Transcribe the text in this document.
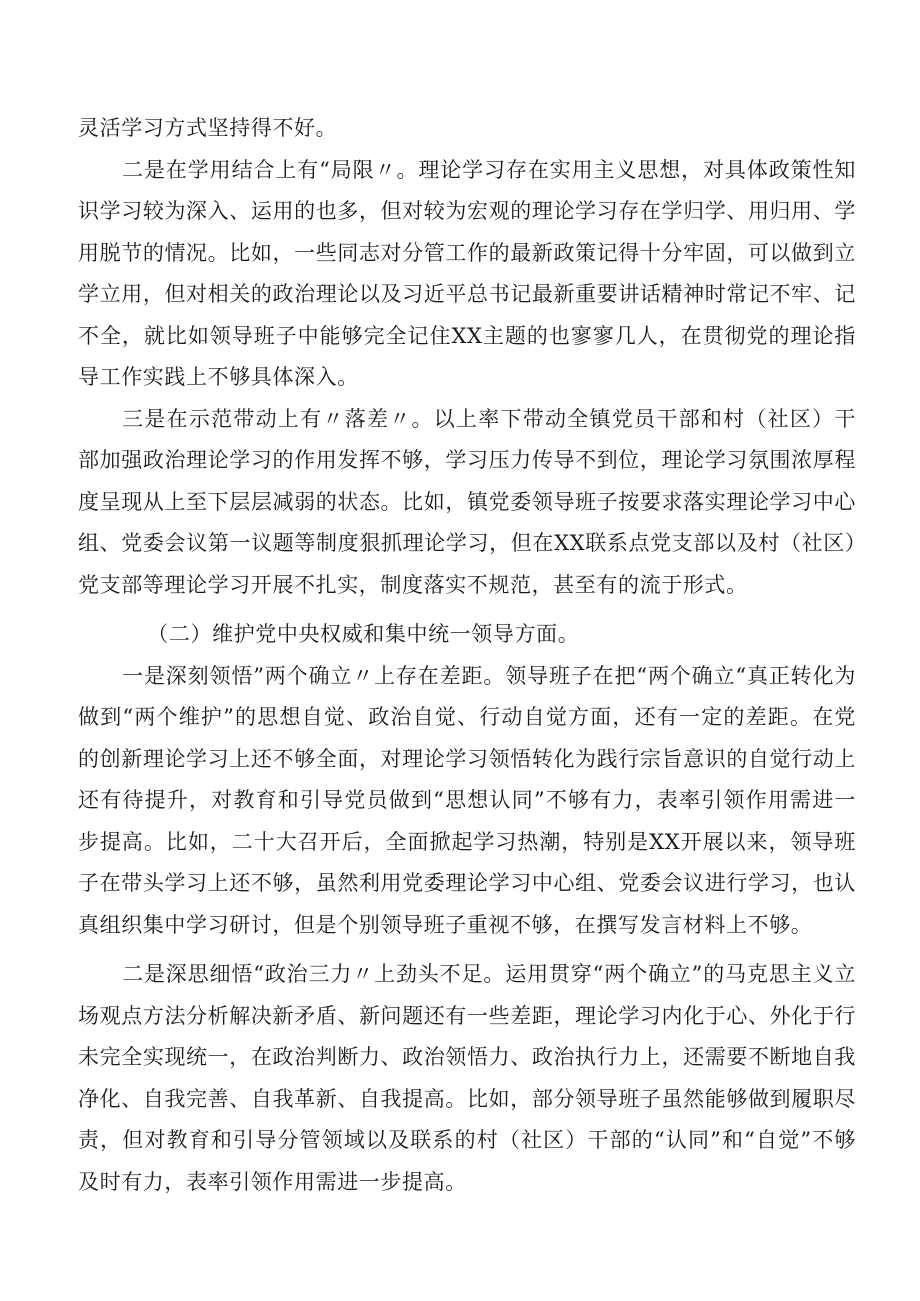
灵活学习方式坚持得不好。

二是在学用结合上有“局限〃。理论学习存在实用主义思想，对具体政策性知识学习较为深入、运用的也多，但对较为宏观的理论学习存在学归学、用归用、学用脱节的情况。比如，一些同志对分管工作的最新政策记得十分牢固，可以做到立学立用，但对相关的政治理论以及习近平总书记最新重要讲话精神时常记不牢、记不全，就比如领导班子中能够完全记住XX主题的也寥寥几人，在贯彻党的理论指导工作实践上不够具体深入。

三是在示范带动上有〃落差〃。以上率下带动全镇党员干部和村（社区）干部加强政治理论学习的作用发挥不够，学习压力传导不到位，理论学习氛围浓厚程度呈现从上至下层层减弱的状态。比如，镇党委领导班子按要求落实理论学习中心组、党委会议第一议题等制度狠抓理论学习，但在XX联系点党支部以及村（社区）党支部等理论学习开展不扎实，制度落实不规范，甚至有的流于形式。

（二）维护党中央权威和集中统一领导方面。

一是深刻领悟”两个确立〃上存在差距。领导班子在把“两个确立“真正转化为做到“两个维护”的思想自觉、政治自觉、行动自觉方面，还有一定的差距。在党的创新理论学习上还不够全面，对理论学习领悟转化为践行宗旨意识的自觉行动上还有待提升，对教育和引导党员做到“思想认同”不够有力，表率引领作用需进一步提高。比如，二十大召开后，全面掀起学习热潮，特别是XX开展以来，领导班子在带头学习上还不够，虽然利用党委理论学习中心组、党委会议进行学习，也认真组织集中学习研讨，但是个别领导班子重视不够，在撰写发言材料上不够。

二是深思细悟“政治三力〃上劲头不足。运用贯穿“两个确立”的马克思主义立场观点方法分析解决新矛盾、新问题还有一些差距，理论学习内化于心、外化于行未完全实现统一，在政治判断力、政治领悟力、政治执行力上，还需要不断地自我净化、自我完善、自我革新、自我提高。比如，部分领导班子虽然能够做到履职尽责，但对教育和引导分管领域以及联系的村（社区）干部的“认同”和“自觉”不够及时有力，表率引领作用需进一步提高。
